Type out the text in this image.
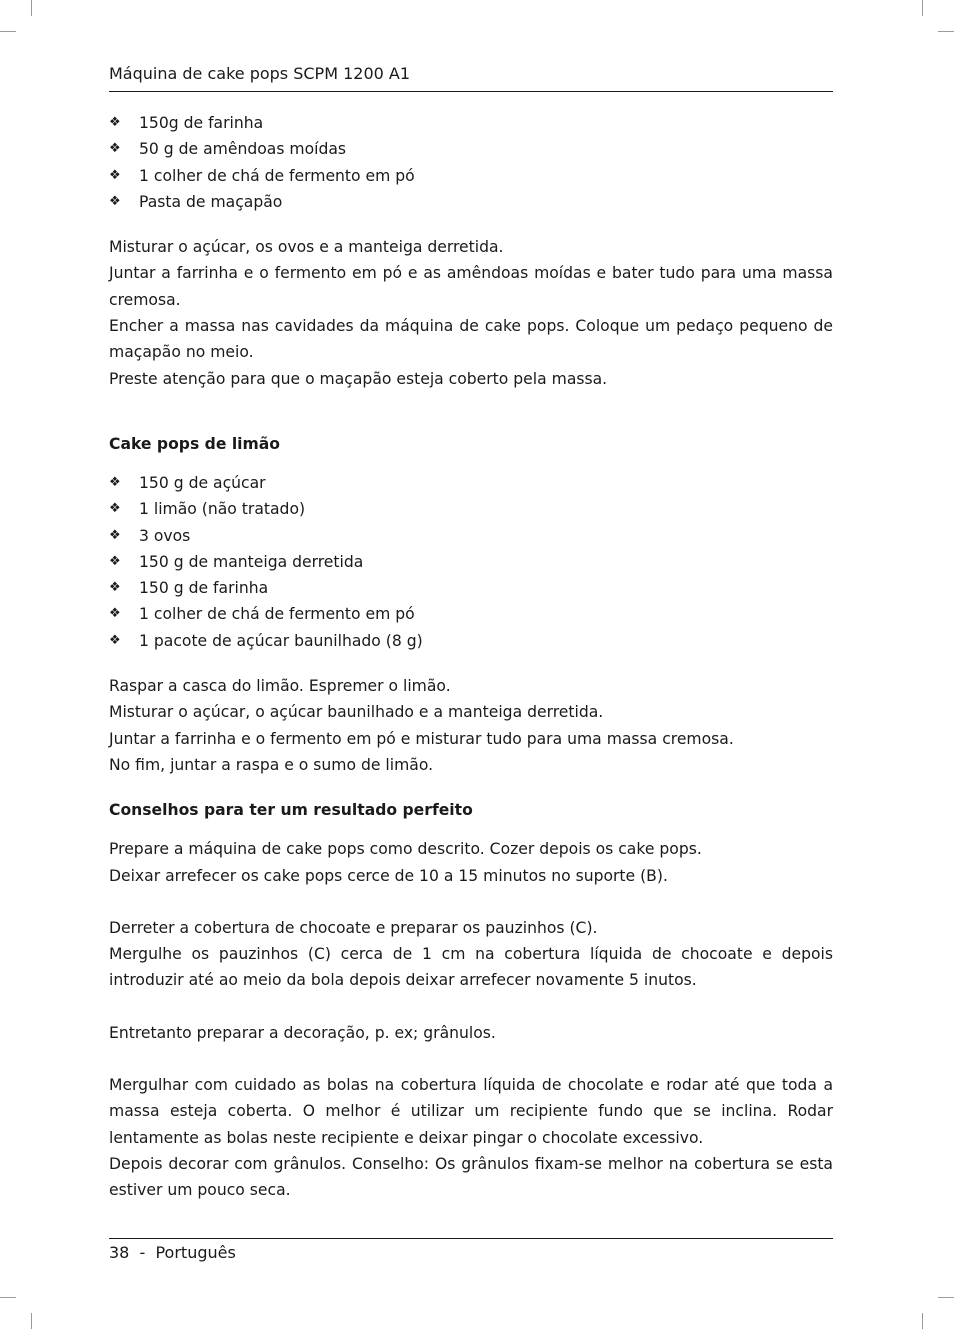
Máquina de cake pops SCPM 1200 A1
❖ 150g de farinha
❖ 50 g de amêndoas moídas
❖ 1 colher de chá de fermento em pó
❖ Pasta de maçapão

Misturar o açúcar, os ovos e a manteiga derretida.

Juntar a farrinha e o fermento em pó e as amêndoas moídas e bater tudo para uma massa cremosa.

Encher a massa nas cavidades da máquina de cake pops. Coloque um pedaço pequeno de maçapão no meio.

Preste atenção para que o maçapão esteja coberto pela massa.

Cake pops de limão

❖ 150 g de açúcar
❖ 1 limão (não tratado)
❖ 3 ovos
❖ 150 g de manteiga derretida
❖ 150 g de farinha
❖ 1 colher de chá de fermento em pó
❖ 1 pacote de açúcar baunilhado (8 g)

Raspar a casca do limão. Espremer o limão.

Misturar o açúcar, o açúcar baunilhado e a manteiga derretida.

Juntar a farrinha e o fermento em pó e misturar tudo para uma massa cremosa.

No fim, juntar a raspa e o sumo de limão.

Conselhos para ter um resultado perfeito

Prepare a máquina de cake pops como descrito. Cozer depois os cake pops.

Deixar arrefecer os cake pops cerce de 10 a 15 minutos no suporte (B).

Derreter a cobertura de chocoate e preparar os pauzinhos (C).

Mergulhe os pauzinhos (C) cerca de 1 cm na cobertura líquida de chocoate e depois introduzir até ao meio da bola depois deixar arrefecer novamente 5 inutos.

Entretanto preparar a decoração, p. ex; grânulos.

Mergulhar com cuidado as bolas na cobertura líquida de chocolate e rodar até que toda a massa esteja coberta. O melhor é utilizar um recipiente fundo que se inclina. Rodar lentamente as bolas neste recipiente e deixar pingar o chocolate excessivo.

Depois decorar com grânulos. Conselho: Os grânulos fixam-se melhor na cobertura se esta estiver um pouco seca.

38  -  Português
